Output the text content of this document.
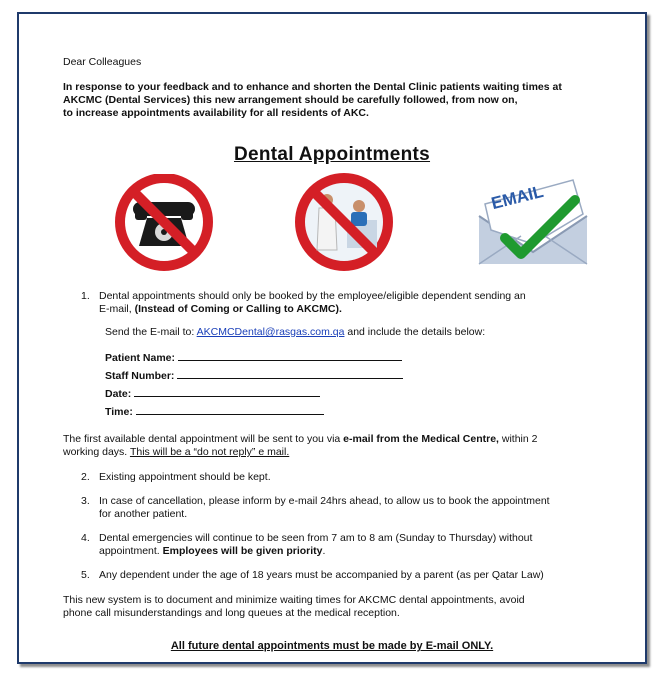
Dear Colleagues
In response to your feedback and to enhance and shorten the Dental Clinic patients waiting times at
AKCMC (Dental Services) this new arrangement should be carefully followed, from now on,
to increase appointments availability for all residents of AKC.
Dental Appointments
EMAIL
1. Dental appointments should only be booked by the employee/eligible dependent sending an
E-mail, (Instead of Coming or Calling to AKCMC).
Send the E-mail to: AKCMCDental@rasgas.com.qa and include the details below:
Patient Name:
Staff Number:
Date:
Time:
The first available dental appointment will be sent to you via e-mail from the Medical Centre, within 2
working days. This will be a “do not reply” e mail.
2. Existing appointment should be kept.
3. In case of cancellation, please inform by e-mail 24hrs ahead, to allow us to book the appointment
for another patient.
4. Dental emergencies will continue to be seen from 7 am to 8 am (Sunday to Thursday) without
appointment. Employees will be given priority.
5. Any dependent under the age of 18 years must be accompanied by a parent (as per Qatar Law)
This new system is to document and minimize waiting times for AKCMC dental appointments, avoid
phone call misunderstandings and long queues at the medical reception.
All future dental appointments must be made by E-mail ONLY.
